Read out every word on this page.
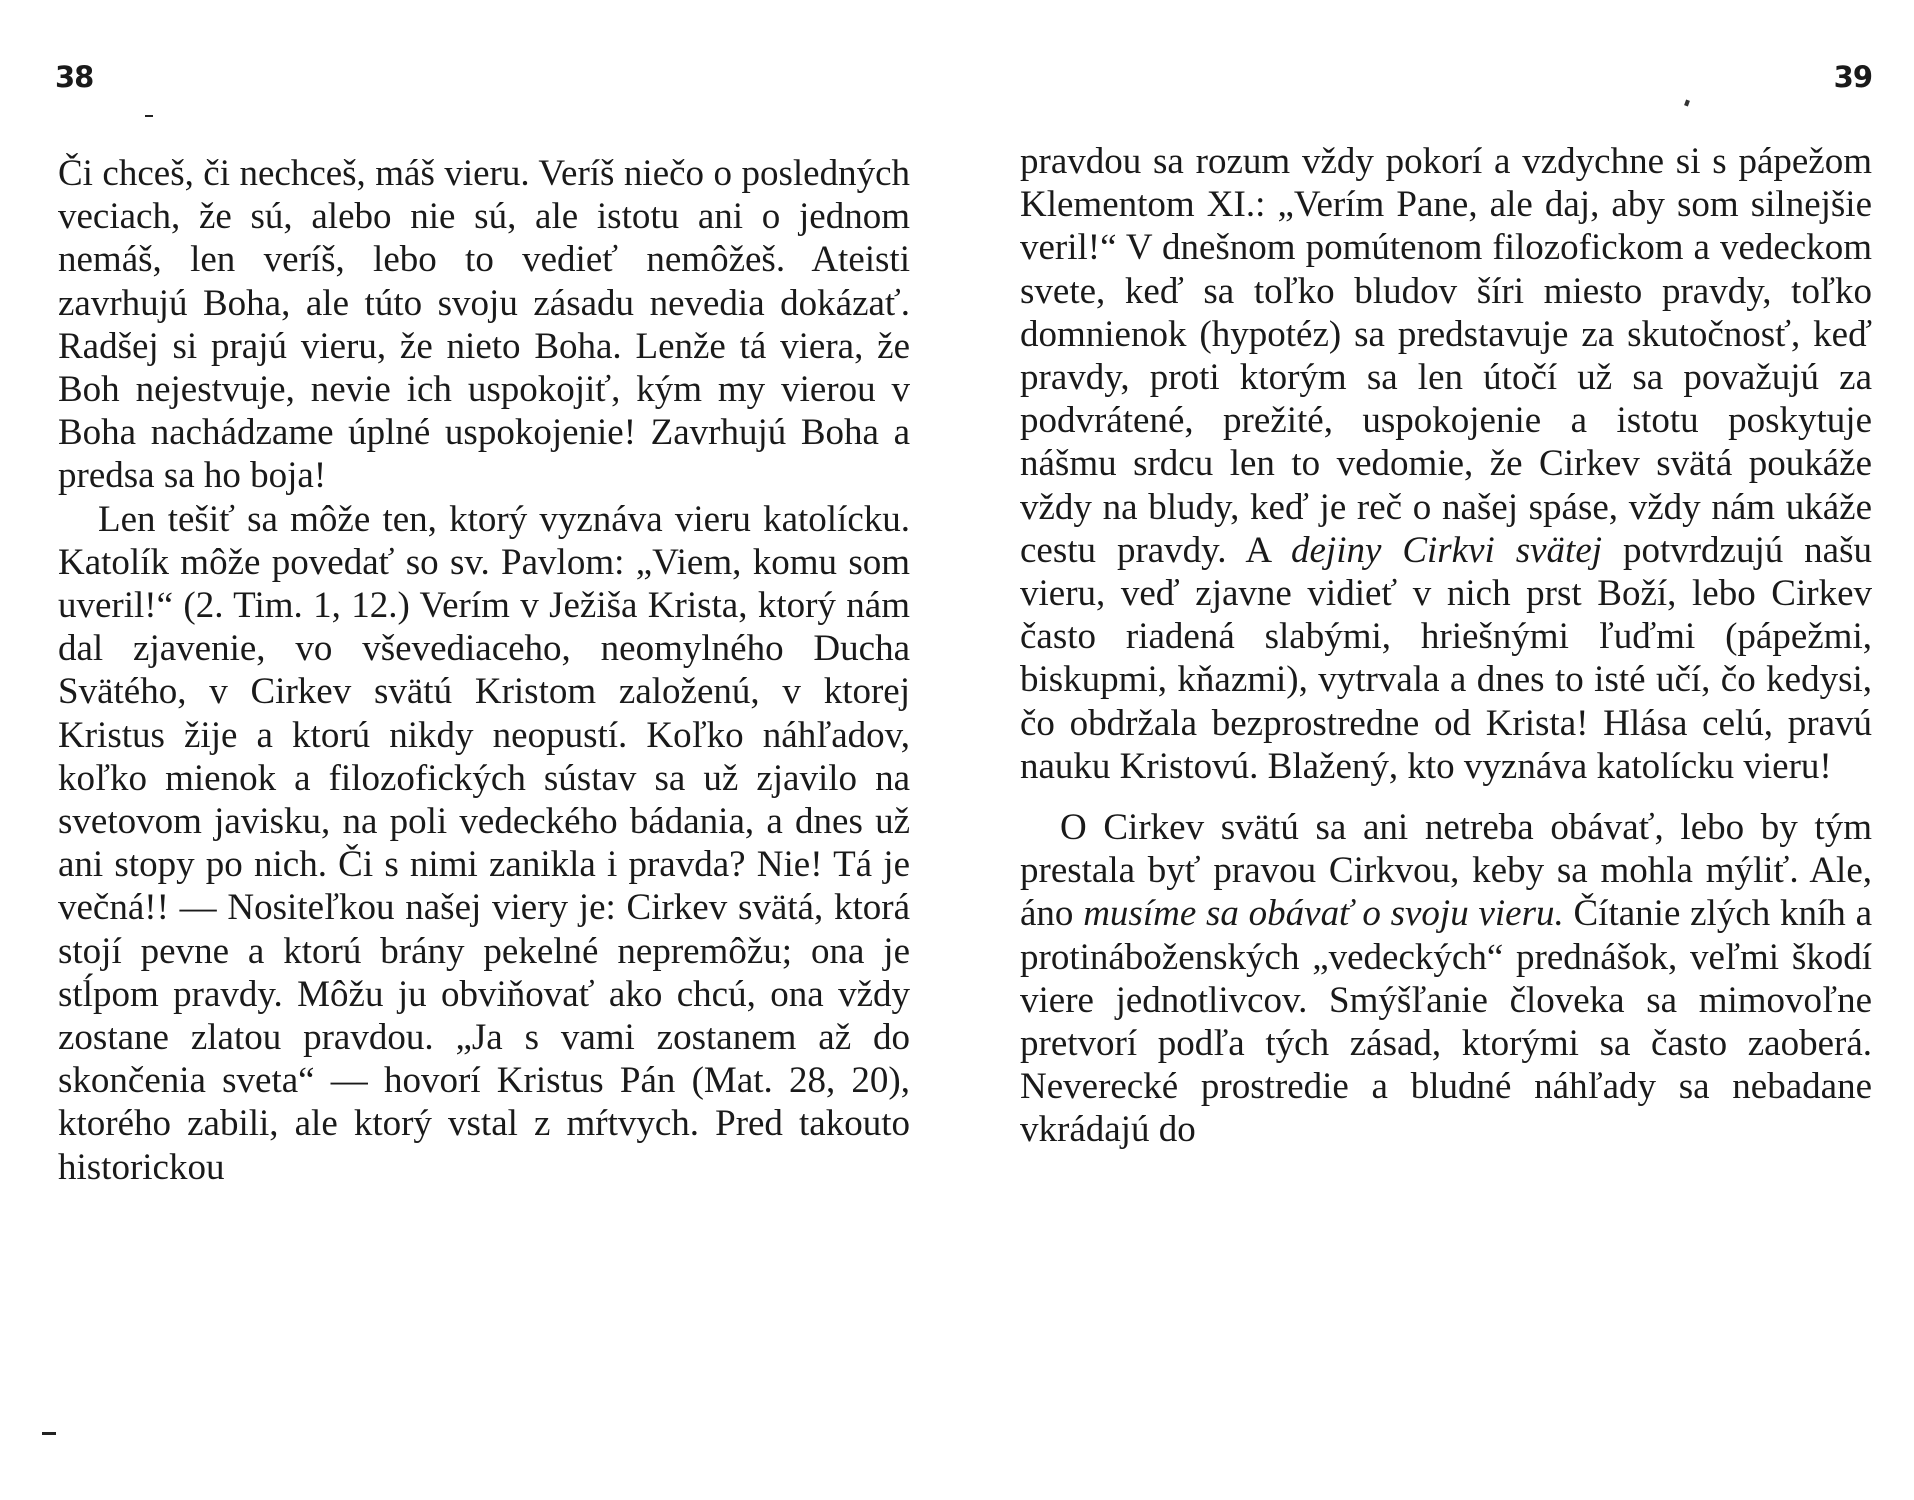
38

Či chceš, či nechceš, máš vieru. Veríš niečo o posledných veciach, že sú, alebo nie sú, ale istotu ani o jednom nemáš, len veríš, lebo to vedieť nemôžeš. Ateisti zavrhujú Boha, ale túto svoju zásadu nevedia dokázať. Radšej si prajú vieru, že nieto Boha. Lenže tá viera, že Boh nejestvuje, nevie ich uspokojiť, kým my vierou v Boha nachádzame úplné uspokojenie! Zavrhujú Boha a predsa sa ho boja!

Len tešiť sa môže ten, ktorý vyznáva vieru katolícku. Katolík môže povedať so sv. Pavlom: „Viem, komu som uveril!“ (2. Tim. 1, 12.) Verím v Ježiša Krista, ktorý nám dal zjavenie, vo vševediaceho, neomylného Ducha Svätého, v Cirkev svätú Kristom založenú, v ktorej Kristus žije a ktorú nikdy neopustí. Koľko náhľadov, koľko mienok a filozofických sústav sa už zjavilo na svetovom javisku, na poli vedeckého bádania, a dnes už ani stopy po nich. Či s nimi zanikla i pravda? Nie! Tá je večná!! — Nositeľkou našej viery je: Cirkev svätá, ktorá stojí pevne a ktorú brány pekelné nepremôžu; ona je stĺpom pravdy. Môžu ju obviňovať ako chcú, ona vždy zostane zlatou pravdou. „Ja s vami zostanem až do skončenia sveta“ — hovorí Kristus Pán (Mat. 28, 20), ktorého zabili, ale ktorý vstal z mŕtvych. Pred takouto historickou

39

pravdou sa rozum vždy pokorí a vzdychne si s pápežom Klementom XI.: „Verím Pane, ale daj, aby som silnejšie veril!“ V dnešnom pomútenom filozofickom a vedeckom svete, keď sa toľko bludov šíri miesto pravdy, toľko domnienok (hypotéz) sa predstavuje za skutočnosť, keď pravdy, proti ktorým sa len útočí už sa považujú za podvrátené, prežité, uspokojenie a istotu poskytuje nášmu srdcu len to vedomie, že Cirkev svätá poukáže vždy na bludy, keď je reč o našej spáse, vždy nám ukáže cestu pravdy. A dejiny Cirkvi svätej potvrdzujú našu vieru, veď zjavne vidieť v nich prst Boží, lebo Cirkev často riadená slabými, hriešnými ľuďmi (pápežmi, biskupmi, kňazmi), vytrvala a dnes to isté učí, čo kedysi, čo obdržala bezprostredne od Krista! Hlása celú, pravú nauku Kristovú. Blažený, kto vyznáva katolícku vieru!

O Cirkev svätú sa ani netreba obávať, lebo by tým prestala byť pravou Cirkvou, keby sa mohla mýliť. Ale, áno musíme sa obávať o svoju vieru. Čítanie zlých kníh a protináboženských „vedeckých“ prednášok, veľmi škodí viere jednotlivcov. Smýšľanie človeka sa mimovoľne pretvorí podľa tých zásad, ktorými sa často zaoberá. Neverecké prostredie a bludné náhľady sa nebadane vkrádajú do
